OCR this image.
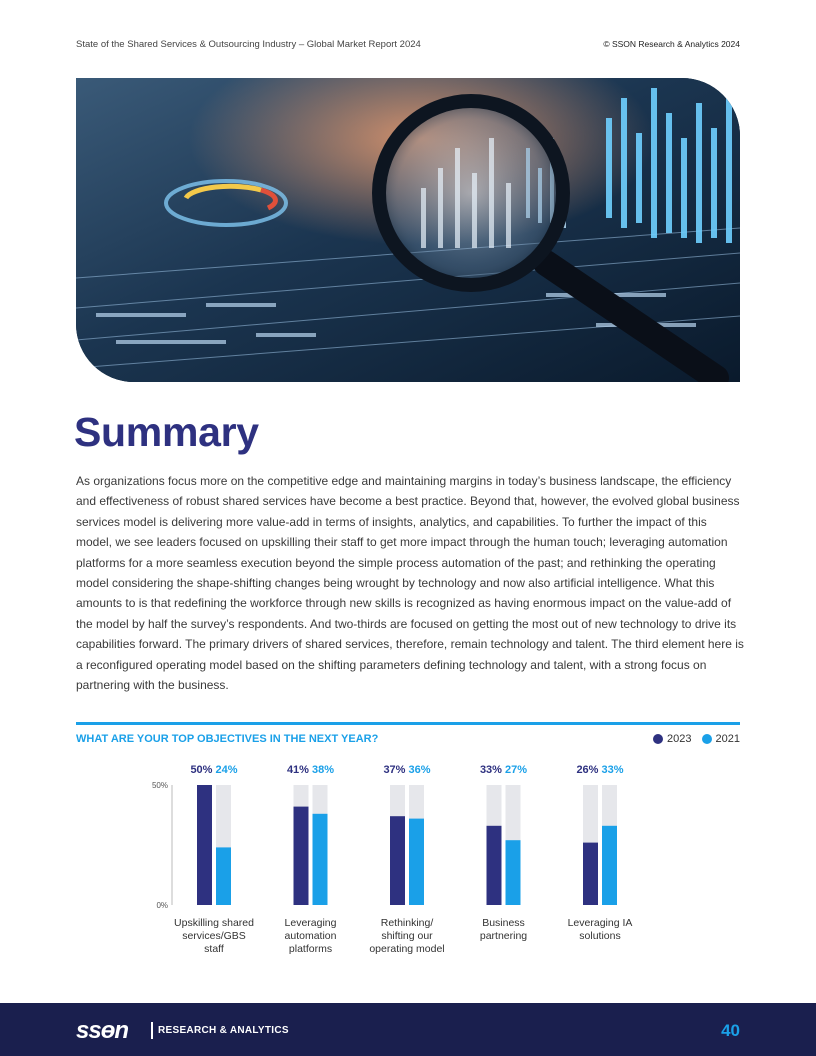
State of the Shared Services & Outsourcing Industry – Global Market Report 2024	© SSON Research & Analytics 2024
Summary

As organizations focus more on the competitive edge and maintaining margins in today’s business landscape, the efficiency and effectiveness of robust shared services have become a best practice. Beyond that, however, the evolved global business services model is delivering more value-add in terms of insights, analytics, and capabilities. To further the impact of this model, we see leaders focused on upskilling their staff to get more impact through the human touch; leveraging automation platforms for a more seamless execution beyond the simple process automation of the past; and rethinking the operating model considering the shape-shifting changes being wrought by technology and now also artificial intelligence. What this amounts to is that redefining the workforce through new skills is recognized as having enormous impact on the value-add of the model by half the survey’s respondents. And two-thirds are focused on getting the most out of new technology to drive its capabilities forward. The primary drivers of shared services, therefore, remain technology and talent. The third element here is a reconfigured operating model based on the shifting parameters defining technology and talent, with a strong focus on partnering with the business.

WHAT ARE YOUR TOP OBJECTIVES IN THE NEXT YEAR?	2023 2021
50%
0%
50% 24%
Upskilling shared
services/GBS
staff
41% 38%
Leveraging
automation
platforms
37% 36%
Rethinking/
shifting our
operating model
33% 27%
Business
partnering
26% 33%
Leveraging IA
solutions
ssɵn	RESEARCH & ANALYTICS	40
